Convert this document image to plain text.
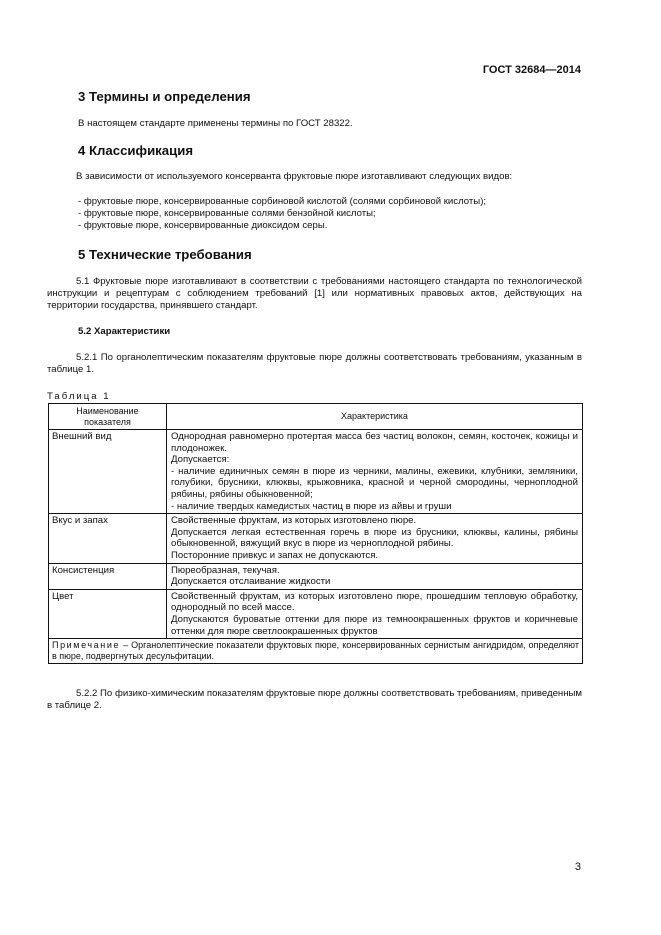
ГОСТ 32684—2014
3 Термины и определения
В настоящем стандарте применены термины по ГОСТ 28322.
4 Классификация
В зависимости от используемого консерванта фруктовые пюре изготавливают следующих видов:
- фруктовые пюре, консервированные сорбиновой кислотой (солями сорбиновой кислоты);
- фруктовые пюре, консервированные солями бензойной кислоты;
- фруктовые пюре, консервированные диоксидом серы.
5 Технические требования
5.1 Фруктовые пюре изготавливают в соответствии с требованиями настоящего стандарта по технологической инструкции и рецептурам с соблюдением требований [1] или нормативных правовых актов, действующих на территории государства, принявшего стандарт.
5.2 Характеристики
5.2.1 По органолептическим показателям фруктовые пюре должны соответствовать требованиям, указанным в таблице 1.
Таблица 1
Наименование показателя	Характеристика
Внешний вид	Однородная равномерно протертая масса без частиц волокон, семян, косточек, кожицы и плодоножек.
Допускается:
- наличие единичных семян в пюре из черники, малины, ежевики, клубники, земляники, голубики, брусники, клюквы, крыжовника, красной и черной смородины, черноплодной рябины, рябины обыкновенной;
- наличие твердых камедистых частиц в пюре из айвы и груши

Вкус и запах	Свойственные фруктам, из которых изготовлено пюре.
Допускается легкая естественная горечь в пюре из брусники, клюквы, калины, рябины обыкновенной, вяжущий вкус в пюре из черноплодной рябины.
Посторонние привкус и запах не допускаются.

Консистенция	Пюреобразная, текучая.
Допускается отслаивание жидкости

Цвет	Свойственный фруктам, из которых изготовлено пюре, прошедшим тепловую обработку, однородный по всей массе.
Допускаются буроватые оттенки для пюре из темноокрашенных фруктов и коричневые оттенки для пюре светлоокрашенных фруктов

Примечание – Органолептические показатели фруктовых пюре, консервированных сернистым ангидридом, определяют в пюре, подвергнутых десульфитации.	
5.2.2 По физико-химическим показателям фруктовые пюре должны соответствовать требованиям, приведенным в таблице 2.
3
